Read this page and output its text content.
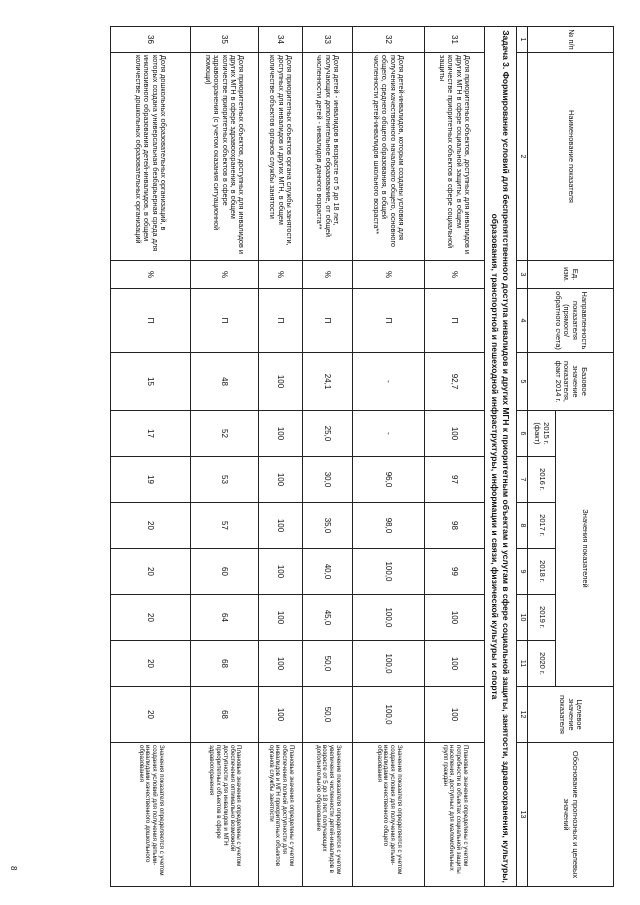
№ п/п	Наименование показателя	Ед. изм.	Направленность показателя (прямого/обратного счета)	Базовое значение показателя, факт 2014 г.	Значения показателей						Целевое значение показателя	Обоснование прогнозных и целевых значений
					2015 г. (факт)	2016 г.	2017 г.	2018 г.	2019 г.	2020 г.		
1	2	3	4	5	6	7	8	9	10	11	12	13
Задача 3. Формирование условий для беспрепятственного доступа инвалидов и других МГН к приоритетным объектам и услугам в сфере социальной защиты, занятости, здравоохранения, культуры, образования, транспортной и пешеходной инфраструктуры, информации и связи, физической культуры и спорта												
31	Доля приоритетных объектов, доступных для инвалидов и других МГН в сфере социальной защиты, в общем количестве приоритетных объектов в сфере социальной защиты	%	П	92,7	100	97	98	99	100	100	100	Плановые значения определены с учетом потребности в объектах социальной защиты населения, доступных для маломобильных групп граждан
32	Доля детей-инвалидов, которым созданы условия для получения качественного начального общего, основного общего, среднего общего образования, в общей численности детей-инвалидов школьного возраста**	%	П	-	-	96,0	98,0	100,0	100,0	100,0	100,0	Значение показателя определяется с учетом создания условия для получения детьми-инвалидами качественного общего образования
33	Доля детей - инвалидов в возрасте от 5 до 18 лет, получающих дополнительное образование, от общей численности детей - инвалидов данного возраста**	%	П	24,1	25,0	30,0	35,0	40,0	45,0	50,0	50,0	Значение показателя определяется с учетом увеличения численности детей-инвалидов в возрасте от 5 до 18 лет, получающих дополнительное образование
34	Доля приоритетных объектов органа службы занятости, доступных для инвалидов и других МГН, в общем количестве объектов органов службы занятости	%	П	100	100	100	100	100	100	100	100	Плановые значения определены с учетом обеспечения полной доступности для инвалидов и МГН приоритетных объектов органов службы занятости
35	Доля приоритетных объектов, доступных для инвалидов и других МГН в сфере здравоохранения, в общем количестве приоритетных объектов в сфере здравоохранения (с учетом оказания ситуационной помощи)	%	П	48	52	53	57	60	64	68	68	Плановые значения определены с учетом обеспечения оптимально возможной доступности для инвалидов и МГН приоритетных объектов в сфере здравоохранения
36	Доля дошкольных образовательных организаций, в которых создана универсальная безбарьерная среда для инклюзивного образования детей-инвалидов, в общем количестве дошкольных образовательных организаций	%	П	15	17	19	20	20	20	20	20	Значения показателя определяются с учетом создания условий для получения детьми-инвалидами качественного дошкольного образования
8
